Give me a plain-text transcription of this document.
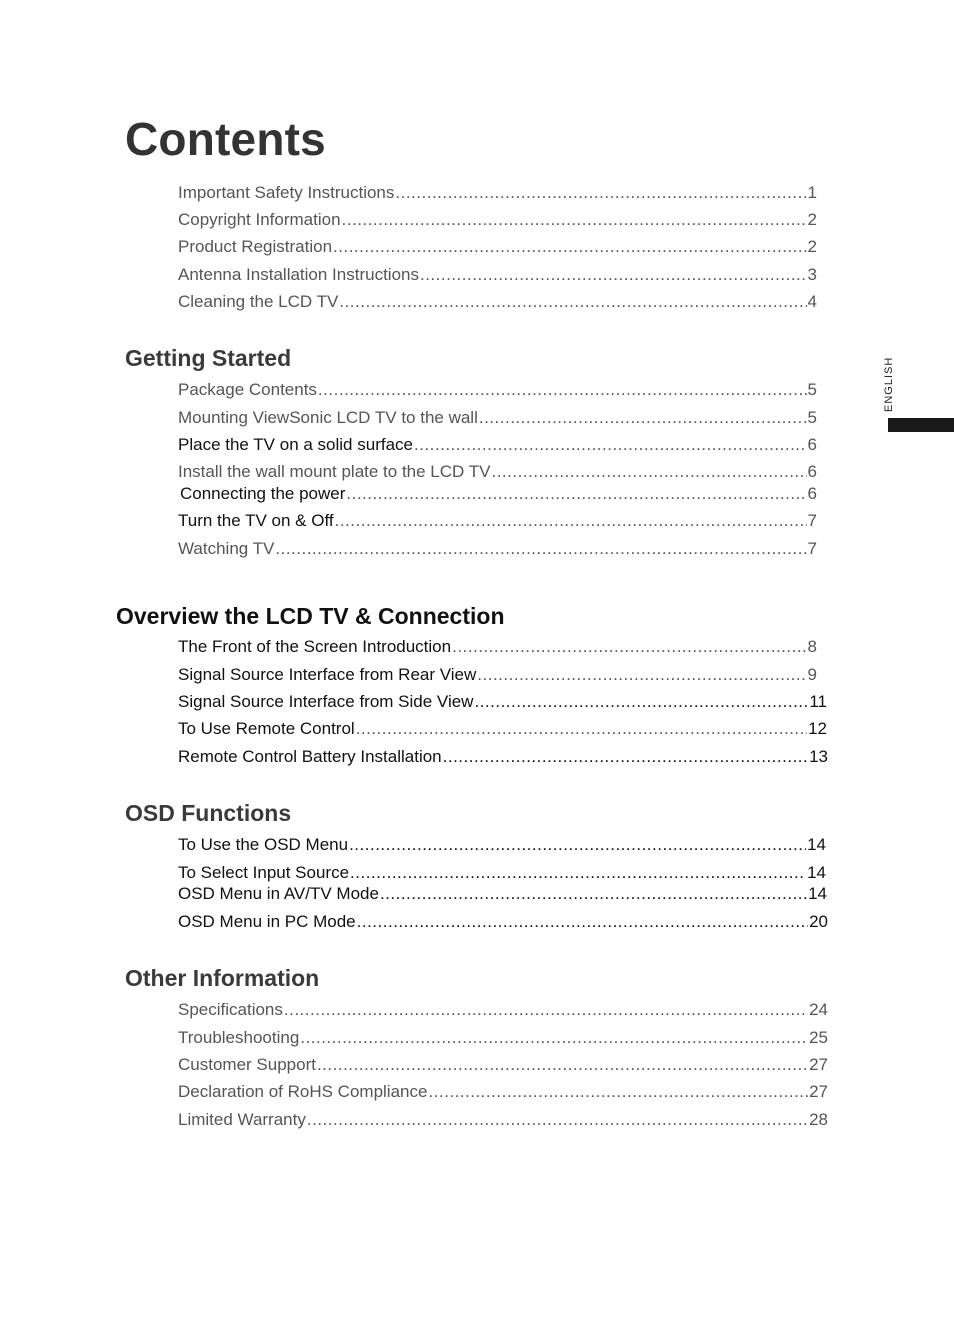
Contents
ENGLISH
Important Safety Instructions .....	1
Copyright Information .....	2
Product Registration .....	2
Antenna Installation Instructions .....	3
Cleaning the LCD TV .....	4
Getting Started
Package Contents .....	5
Mounting ViewSonic LCD TV to the wall .....	5
Place the TV on a solid surface .....	6
Install the wall mount plate to the LCD TV .....	6
Connecting the power .....	6
Turn the TV on & Off .....	7
Watching TV .....	7
Overview the LCD TV & Connection
The Front of the Screen Introduction .....	8
Signal Source Interface from Rear View .....	9
Signal Source Interface from Side View .....	11
To Use Remote Control .....	12
Remote Control Battery Installation .....	13
OSD Functions
To Use the OSD Menu .....	14
To Select Input Source .....	14
OSD Menu in AV/TV Mode .....	14
OSD Menu in PC Mode .....	20
Other Information
Specifications .....	24
Troubleshooting .....	25
Customer Support .....	27
Declaration of RoHS Compliance .....	27
Limited Warranty .....	28
